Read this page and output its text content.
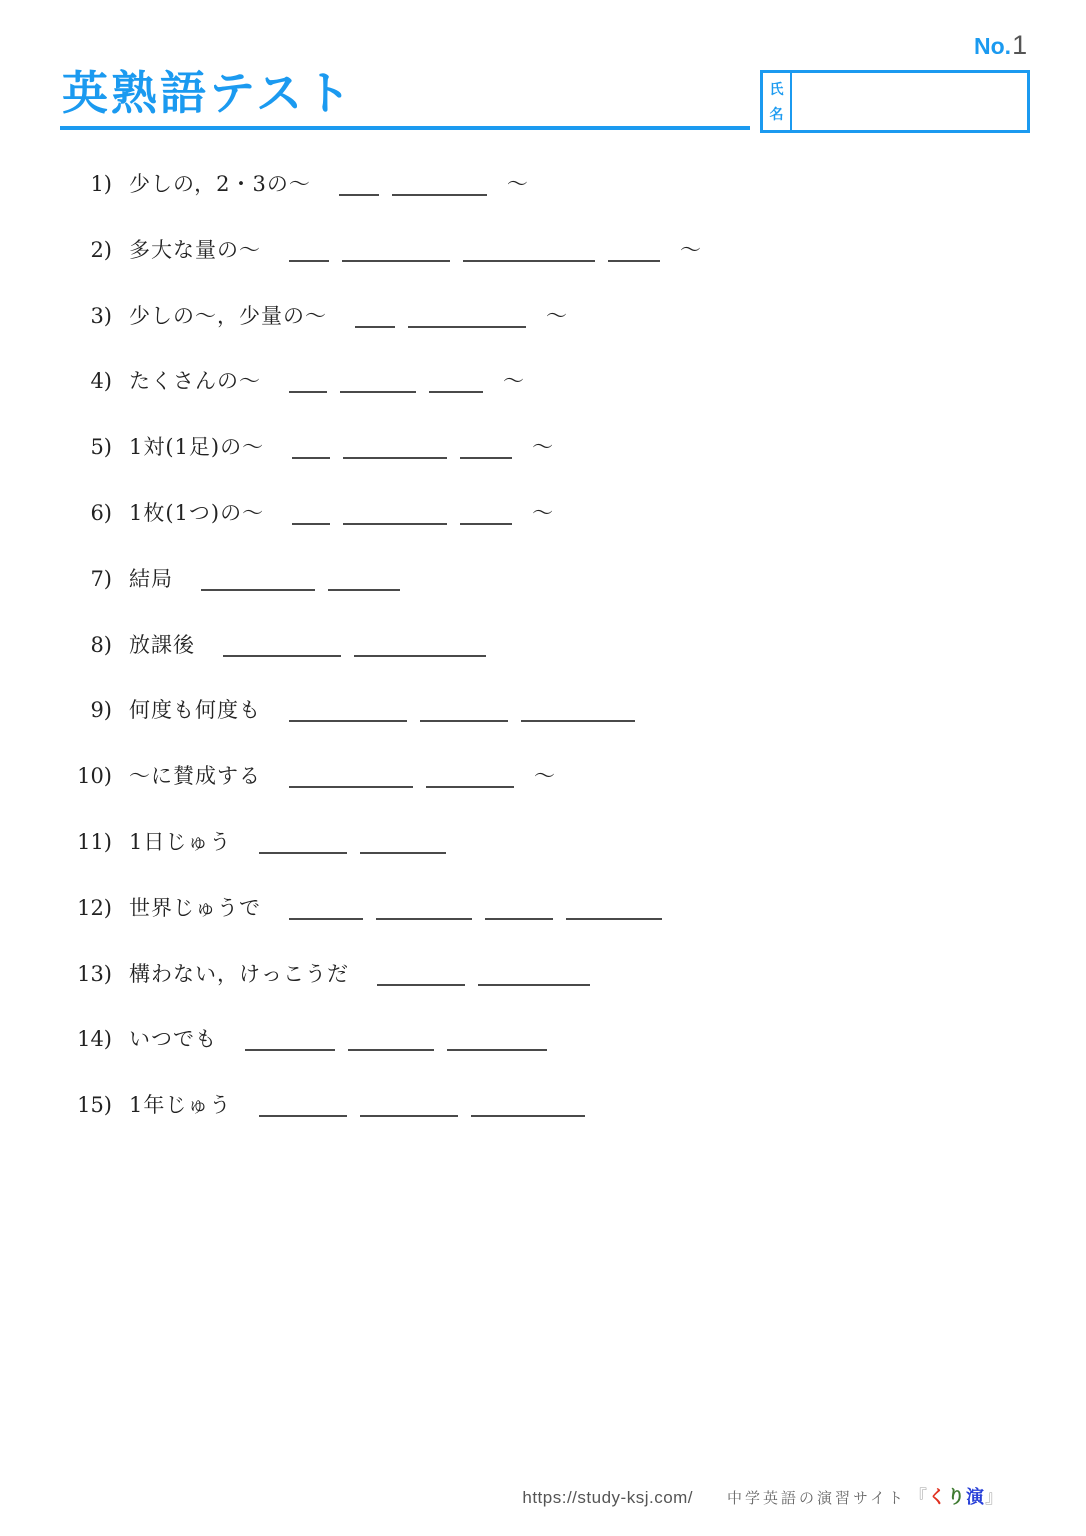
No.1
英熟語テスト	氏
名
1) 少しの，2・3の〜	〜
2) 多大な量の〜	〜
3) 少しの〜，少量の〜	〜
4) たくさんの〜	〜
5) 1対(1足)の〜	〜
6) 1枚(1つ)の〜	〜
7) 結局
8) 放課後
9) 何度も何度も
10) 〜に賛成する	〜
11) 1日じゅう
12) 世界じゅうで
13) 構わない，けっこうだ
14) いつでも
15) 1年じゅう
https://study-ksj.com/ 中学英語の演習サイト 『くり演』
